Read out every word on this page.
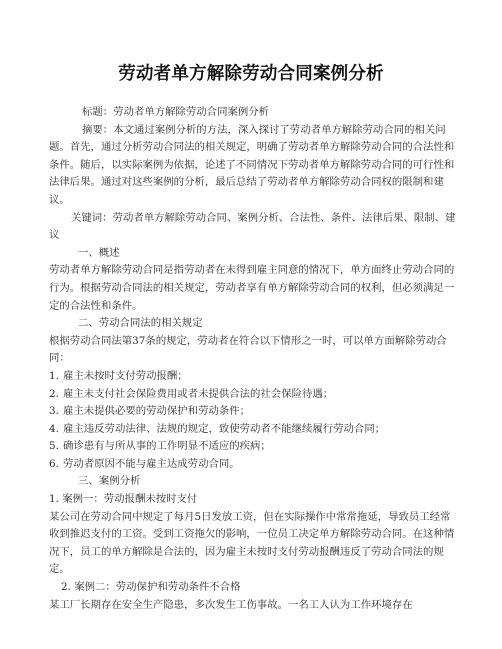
劳动者单方解除劳动合同案例分析

标题：劳动者单方解除劳动合同案例分析

摘要：本文通过案例分析的方法，深入探讨了劳动者单方解除劳动合同的相关问题。首先，通过分析劳动合同法的相关规定，明确了劳动者单方解除劳动合同的合法性和条件。随后，以实际案例为依据，论述了不同情况下劳动者单方解除劳动合同的可行性和法律后果。通过对这些案例的分析，最后总结了劳动者单方解除劳动合同权的限制和建议。

关键词：劳动者单方解除劳动合同、案例分析、合法性、条件、法律后果、限制、建议

一、概述

劳动者单方解除劳动合同是指劳动者在未得到雇主同意的情况下，单方面终止劳动合同的行为。根据劳动合同法的相关规定，劳动者享有单方解除劳动合同的权利，但必须满足一定的合法性和条件。

二、劳动合同法的相关规定

根据劳动合同法第37条的规定，劳动者在符合以下情形之一时，可以单方面解除劳动合同：

1. 雇主未按时支付劳动报酬；
2. 雇主未支付社会保险费用或者未提供合法的社会保险待遇；
3. 雇主未提供必要的劳动保护和劳动条件；
4. 雇主违反劳动法律、法规的规定，致使劳动者不能继续履行劳动合同；
5. 确诊患有与所从事的工作明显不适应的疾病；
6. 劳动者原因不能与雇主达成劳动合同。

三、案例分析

1. 案例一：劳动报酬未按时支付

某公司在劳动合同中规定了每月5日发放工资，但在实际操作中常常拖延，导致员工经常收到推迟支付的工资。受到工资拖欠的影响，一位员工决定单方解除劳动合同。在这种情况下，员工的单方解除是合法的，因为雇主未按时支付劳动报酬违反了劳动合同法的规定。

2. 案例二：劳动保护和劳动条件不合格

某工厂长期存在安全生产隐患，多次发生工伤事故。一名工人认为工作环境存在
